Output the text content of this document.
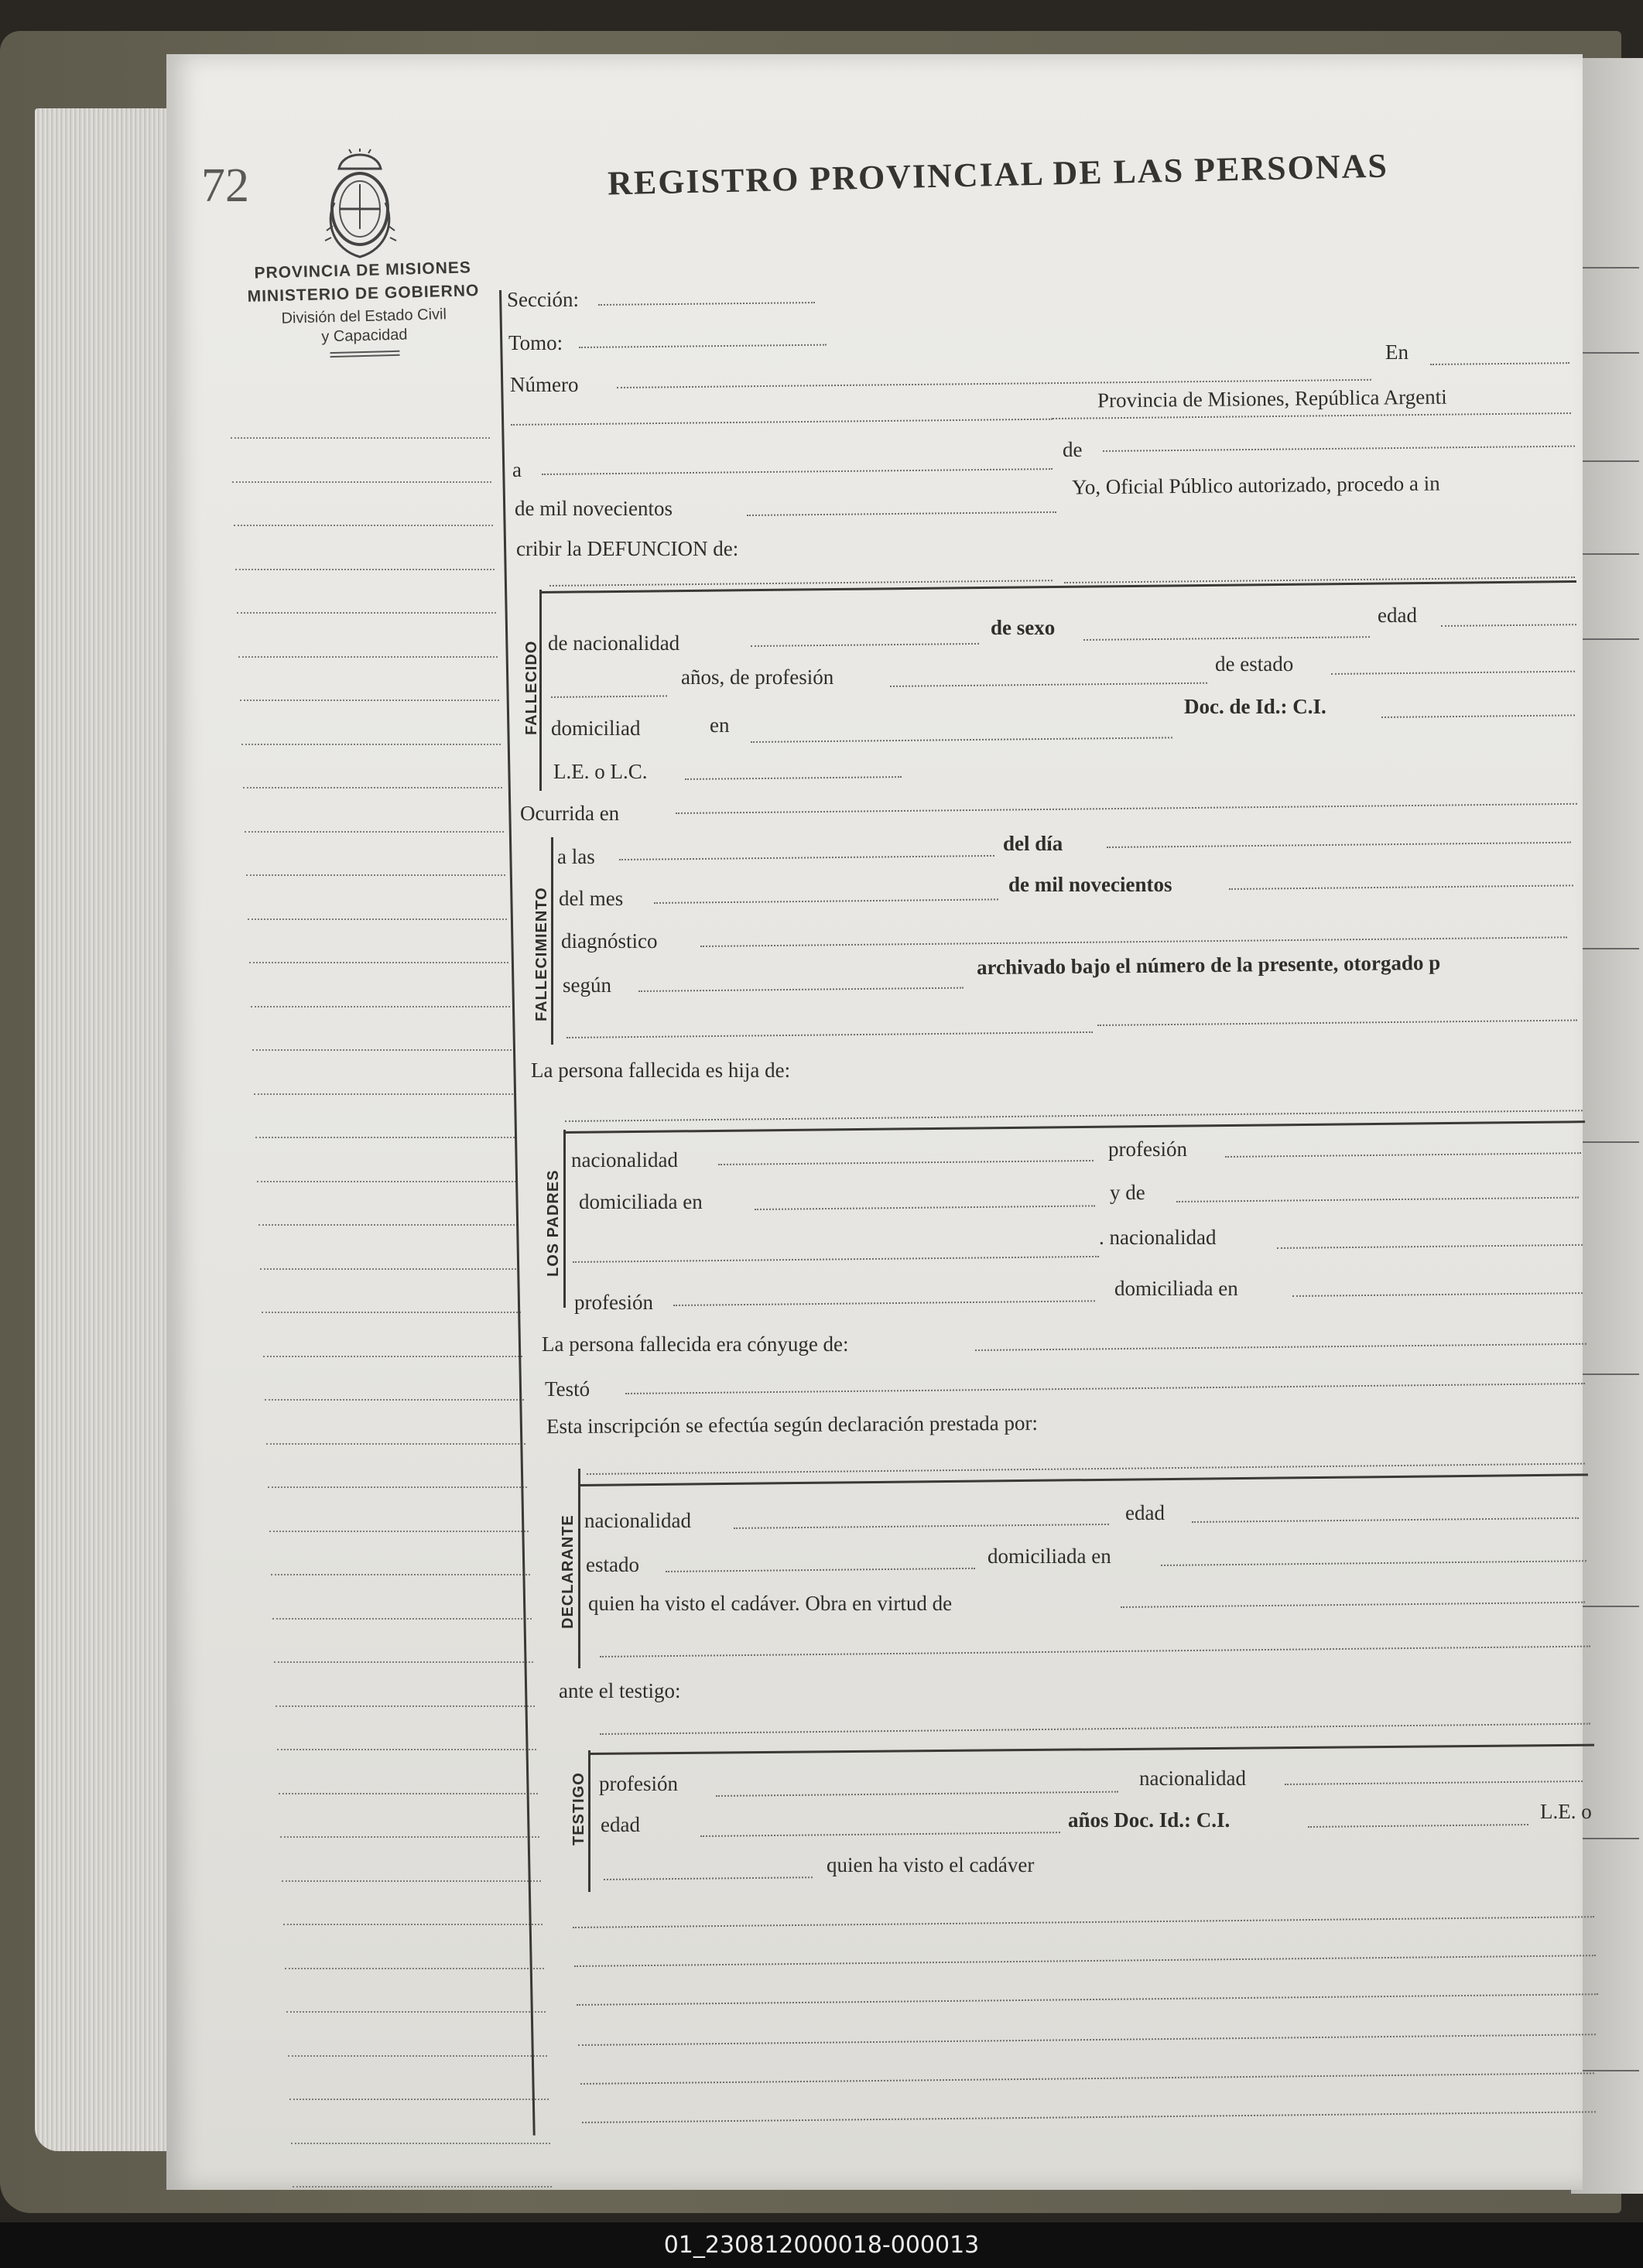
72	REGISTRO PROVINCIAL DE LAS PERSONAS
PROVINCIA DE MISIONES
MINISTERIO DE GOBIERNO
División del Estado Civil
y Capacidad
FALLECIDO
FALLECIMIENTO
LOS PADRES
DECLARANTE
TESTIGO
Sección:
Tomo:	En
Número
Provincia de Misiones, República Argenti
a
de
de mil novecientos
Yo, Oficial Público autorizado, procedo a in
cribir la DEFUNCION de:
de nacionalidad
de sexo
edad
años, de profesión
de estado
domiciliad	en
Doc. de Id.: C.I.
L.E. o L.C.
Ocurrida en
a las
del día
del mes
de mil novecientos
diagnóstico
según
archivado bajo el número de la presente, otorgado p
La persona fallecida es hija de:
nacionalidad	profesión
domiciliada en	y de
. nacionalidad
profesión
domiciliada en
La persona fallecida era cónyuge de:
Testó
Esta inscripción se efectúa según declaración prestada por:
nacionalidad	edad
estado	domiciliada en
quien ha visto el cadáver. Obra en virtud de
ante el testigo:
profesión	nacionalidad
edad	años Doc. Id.: C.I.	L.E. o
quien ha visto el cadáver
01_230812000018-000013
